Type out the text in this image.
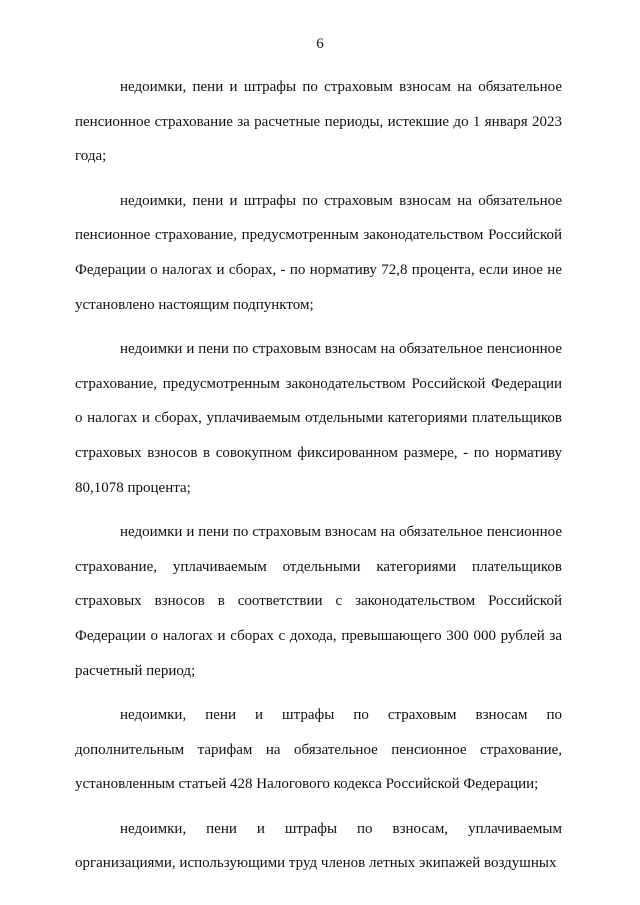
6

недоимки, пени и штрафы по страховым взносам на обязательное пенсионное страхование за расчетные периоды, истекшие до 1 января 2023 года;

недоимки, пени и штрафы по страховым взносам на обязательное пенсионное страхование, предусмотренным законодательством Российской Федерации о налогах и сборах, - по нормативу 72,8 процента, если иное не установлено настоящим подпунктом;

недоимки и пени по страховым взносам на обязательное пенсионное страхование, предусмотренным законодательством Российской Федерации о налогах и сборах, уплачиваемым отдельными категориями плательщиков страховых взносов в совокупном фиксированном размере, - по нормативу 80,1078 процента;

недоимки и пени по страховым взносам на обязательное пенсионное страхование, уплачиваемым отдельными категориями плательщиков страховых взносов в соответствии с законодательством Российской Федерации о налогах и сборах с дохода, превышающего 300 000 рублей за расчетный период;

недоимки, пени и штрафы по страховым взносам по дополнительным тарифам на обязательное пенсионное страхование, установленным статьей 428 Налогового кодекса Российской Федерации;

недоимки, пени и штрафы по взносам, уплачиваемым организациями, использующими труд членов летных экипажей воздушных
